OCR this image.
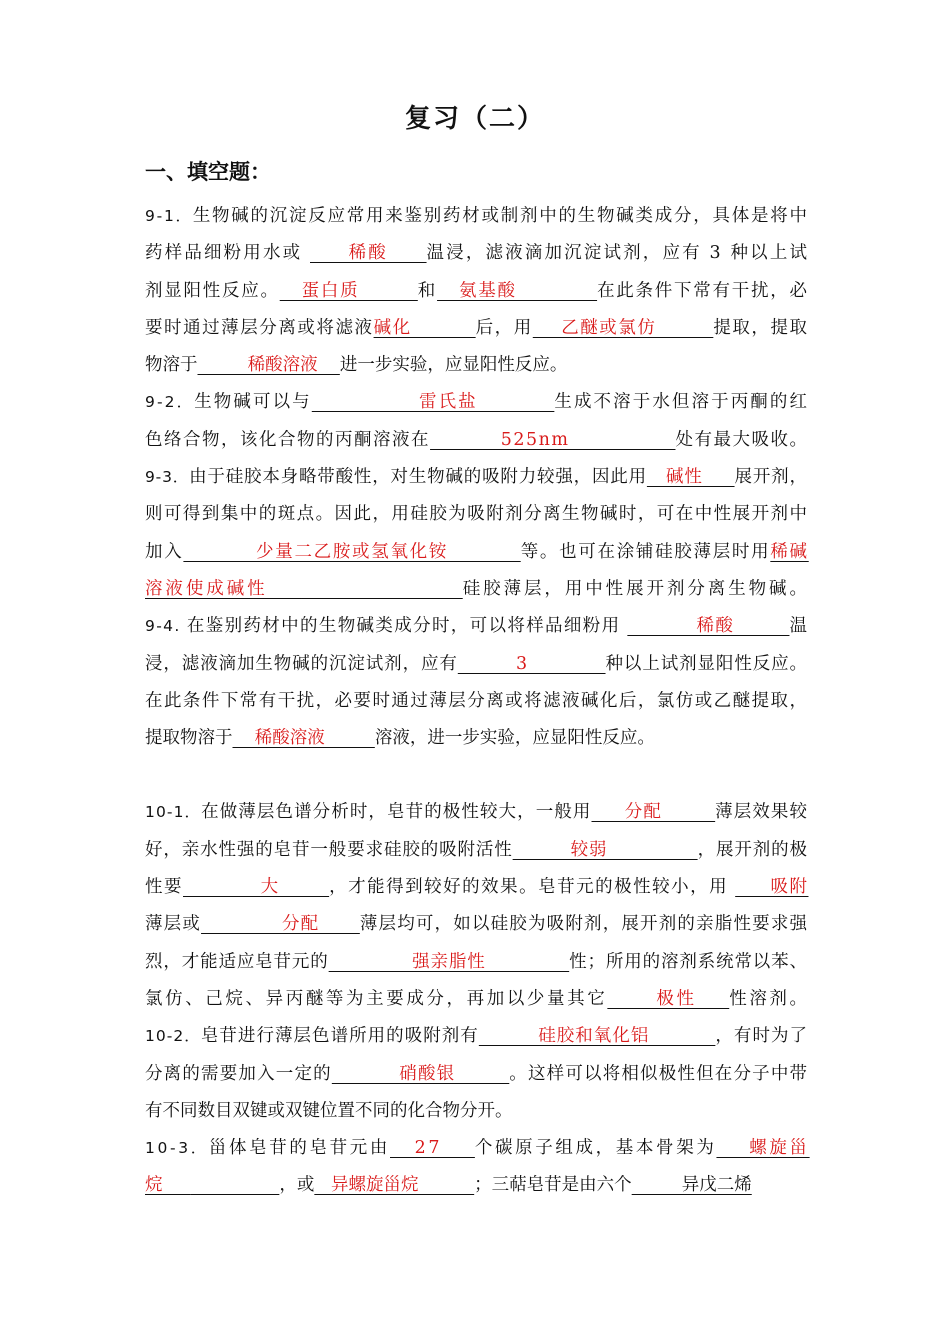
复习（二）
一、填空题：
9-1．生物碱的沉淀反应常用来鉴别药材或制剂中的生物碱类成分，具体是将中
药样品细粉用水或      稀酸     温浸，滤液滴加沉淀试剂，应有 3 种以上试
剂显阳性反应。   蛋白质        和   氨基酸           在此条件下常有干扰，必
要时通过薄层分离或将滤液碱化         后，用    乙醚或氯仿        提取，提取
物溶于         稀酸溶液    进一步实验，应显阳性反应。
9-2．生物碱可以与              雷氏盐          生成不溶于水但溶于丙酮的红
色络合物，该化合物的丙酮溶液在          525nm               处有最大吸收。
9-3．由于硅胶本身略带酸性，对生物碱的吸附力较强，因此用   碱性     展开剂，
则可得到集中的斑点。因此，用硅胶为吸附剂分离生物碱时，可在中性展开剂中
加入          少量二乙胺或氢氧化铵          等。也可在涂铺硅胶薄层时用稀碱
溶液使成碱性	硅胶薄层，用中性展开剂分离生物碱。
9-4. 在鉴别药材中的生物碱类成分时，可以将样品细粉用           稀酸        温
浸，滤液滴加生物碱的沉淀试剂，应有         3            种以上试剂显阳性反应。
在此条件下常有干扰，必要时通过薄层分离或将滤液碱化后，氯仿或乙醚提取，
提取物溶于    稀酸溶液         溶液，进一步实验，应显阳性反应。
10-1．在做薄层色谱分析时，皂苷的极性较大，一般用     分配        薄层效果较
好，亲水性强的皂苷一般要求硅胶的吸附活性         较弱              ，展开剂的极
性要           大       ，才能得到较好的效果。皂苷元的极性较小，用      吸附
薄层或            分配      薄层均可，如以硅胶为吸附剂，展开剂的亲脂性要求强
烈，才能适应皂苷元的             强亲脂性             性；所用的溶剂系统常以苯、
氯仿、己烷、异丙醚等为主要成分，再加以少量其它      极性    性溶剂。
10-2．皂苷进行薄层色谱所用的吸附剂有         硅胶和氧化铝          ，有时为了
分离的需要加入一定的          硝酸银        。这样可以将相似极性但在分子中带
有不同数目双键或双键位置不同的化合物分开。
10-3．甾体皂苷的皂苷元由   27    个碳原子组成，基本骨架为    螺旋甾
烷	，或   异螺旋甾烷          ；三萜皂苷是由六个         异戊二烯
